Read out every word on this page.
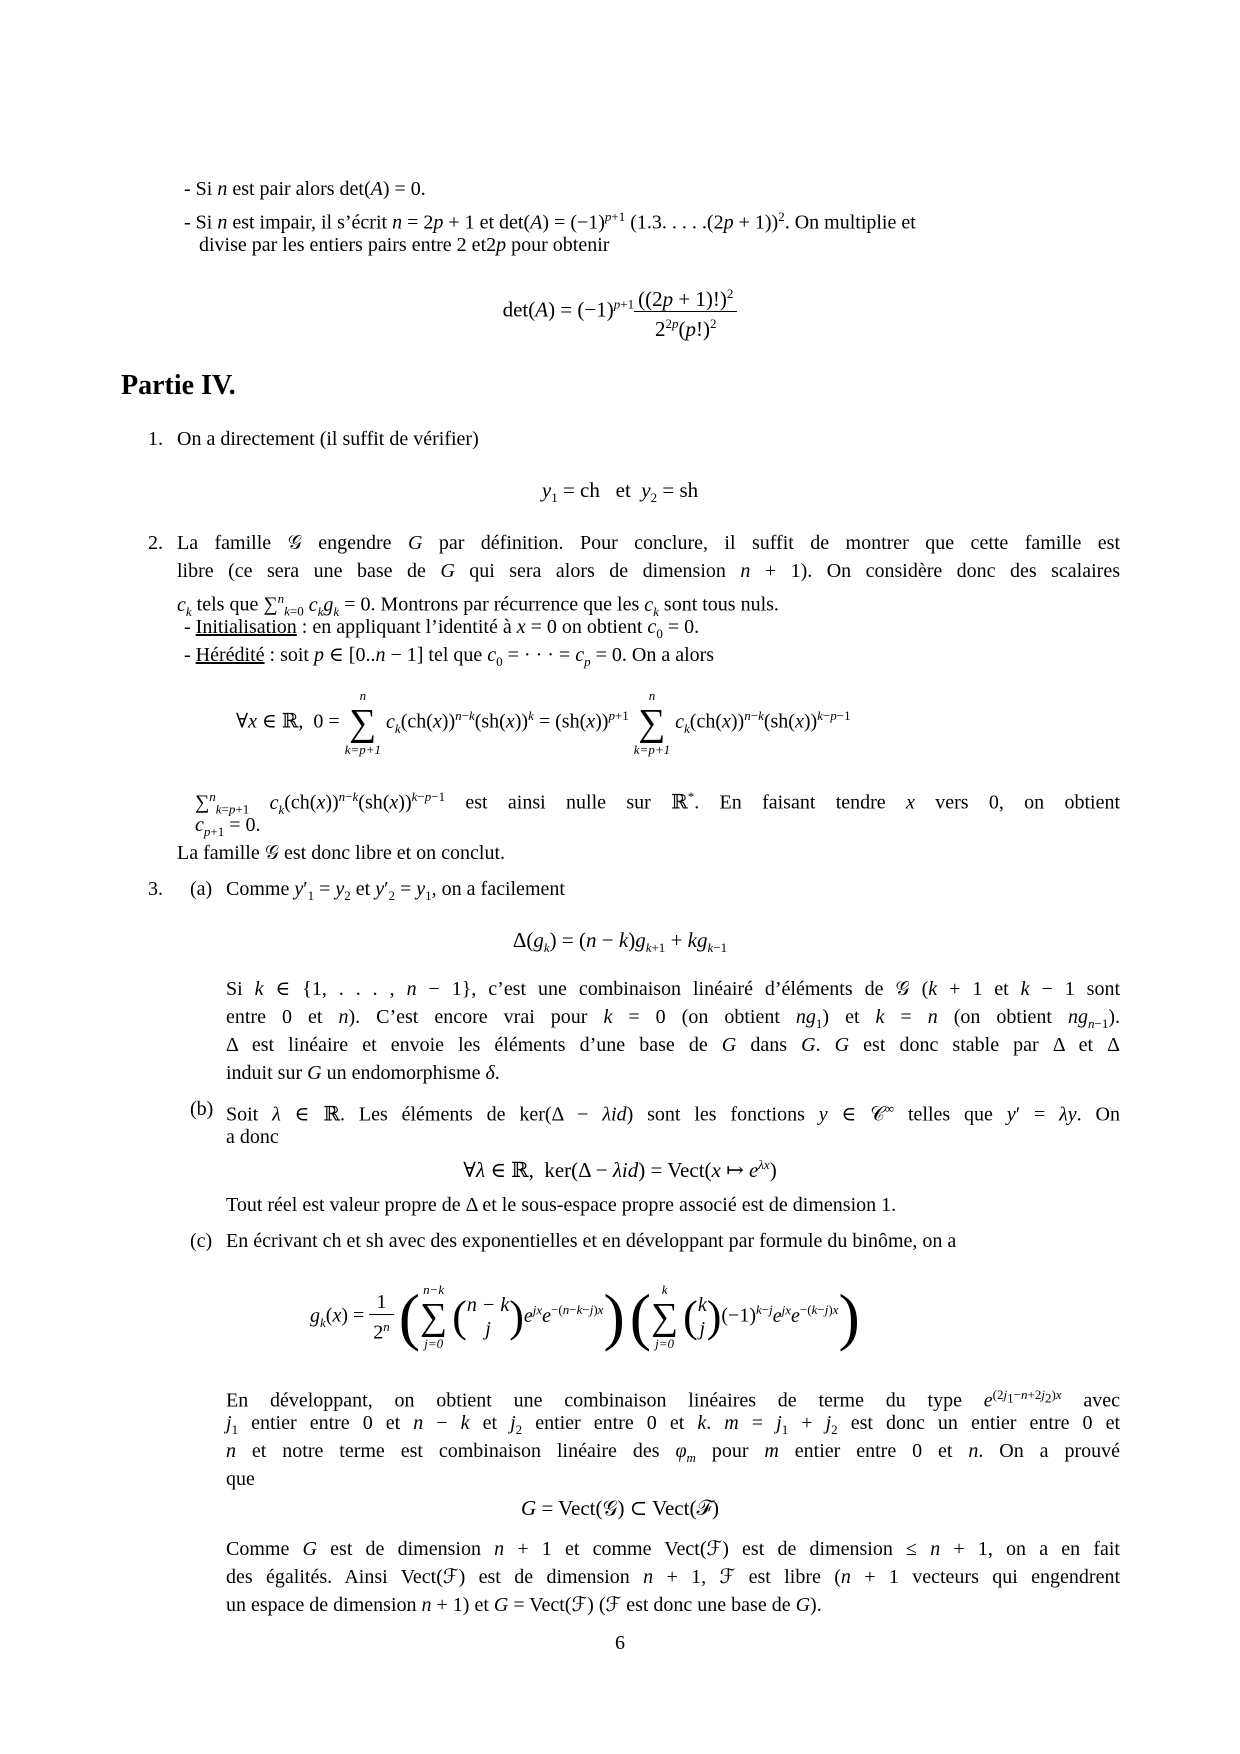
- Si n est pair alors det(A) = 0.
- Si n est impair, il s’écrit n = 2p + 1 et $\det(A) = (-1)^{p+1}$ (1.3. . . . .(2p + 1))$^2$. On multiplie et
divise par les entiers pairs entre 2 et2p pour obtenir
$\det(A) = (-1)^{p+1} \frac{((2p + 1)!)^2}{2^{2p}(p!)^2}$
Partie IV.
1. On a directement (il suffit de vérifier)
$y_1$ = ch   et  $y_2$ = sh
2. La famille 𝒢 engendre G par définition. Pour conclure, il suffit de montrer que cette famille est
libre (ce sera une base de G qui sera alors de dimension n + 1). On considère donc des scalaires
$c_k$ tels que ∑$^n_{k=0}$ $c_kg_k = 0$. Montrons par récurrence que les $c_k$ sont tous nuls.
- Initialisation : en appliquant l’identité à x = 0 on obtient $c_0 = 0$.
- Hérédité : soit p ∈ [0..n − 1] tel que $c_0$ = · · · = $c_p = 0$. On a alors
∀x ∈ ℝ,  0 =
n
∑
k=p+1
$c_k(ch(x))^{n-k}(sh(x))^k = (sh(x))^{p+1}$
n
∑
k=p+1
$c_k(ch(x))^{n-k}(sh(x))^{k-p-1}$
∑$^n_{k=p+1}$ $c_k(ch(x))^{n-k}(sh(x))^{k-p-1}$ est ainsi nulle sur ℝ*. En faisant tendre x vers 0, on obtient
$c_{p+1} = 0$.
La famille 𝒢 est donc libre et on conclut.
3. (a) Comme $y'_1 = y_2$ et $y'_2 = y_1$, on a facilement
$\Delta(g_k) = (n - k)g_{k+1} + kg_{k-1}$
Si k ∈ {1, . . . , n − 1}, c’est une combinaison linéairé d’éléments de 𝒢 (k + 1 et k − 1 sont
entre 0 et n). C’est encore vrai pour k = 0 (on obtient $ng_1$) et k = n (on obtient $ng_{n-1}$).
Δ est linéaire et envoie les éléments d’une base de G dans G. G est donc stable par Δ et Δ
induit sur G un endomorphisme δ.
(b) Soit λ ∈ ℝ. Les éléments de ker(Δ − λid) sont les fonctions y ∈ 𝒞∞ telles que y′ = λy. On
a donc
∀λ ∈ ℝ,  ker(Δ − λid) = Vect(x ↦ $e^{\lambda x}$)
Tout réel est valeur propre de Δ et le sous-espace propre associé est de dimension 1.
(c) En écrivant ch et sh avec des exponentielles et en développant par formule du binôme, on a
$g_k(x) = \frac{1}{2^n}$ ( n−k
∑
j=0
( n − k
j )$e^{jx}e^{-(n-k-j)x}$) ( k
∑
j=0
( k
j )$(-1)^{k-j}e^{jx}e^{-(k-j)x}$)
En développant, on obtient une combinaison linéaires de terme du type $e^{(2j_1-n+2j_2)x}$ avec
$j_1$ entier entre 0 et n − k et $j_2$ entier entre 0 et k. $m = j_1 + j_2$ est donc un entier entre 0 et
n et notre terme est combinaison linéaire des $\varphi_m$ pour m entier entre 0 et n. On a prouvé
que
G = Vect(𝒢) ⊂ Vect(ℱ)
Comme G est de dimension n + 1 et comme Vect(ℱ) est de dimension ≤ n + 1, on a en fait
des égalités. Ainsi Vect(ℱ) est de dimension n + 1, ℱ est libre (n + 1 vecteurs qui engendrent
un espace de dimension n + 1) et G = Vect(ℱ) (ℱ est donc une base de G).
6
